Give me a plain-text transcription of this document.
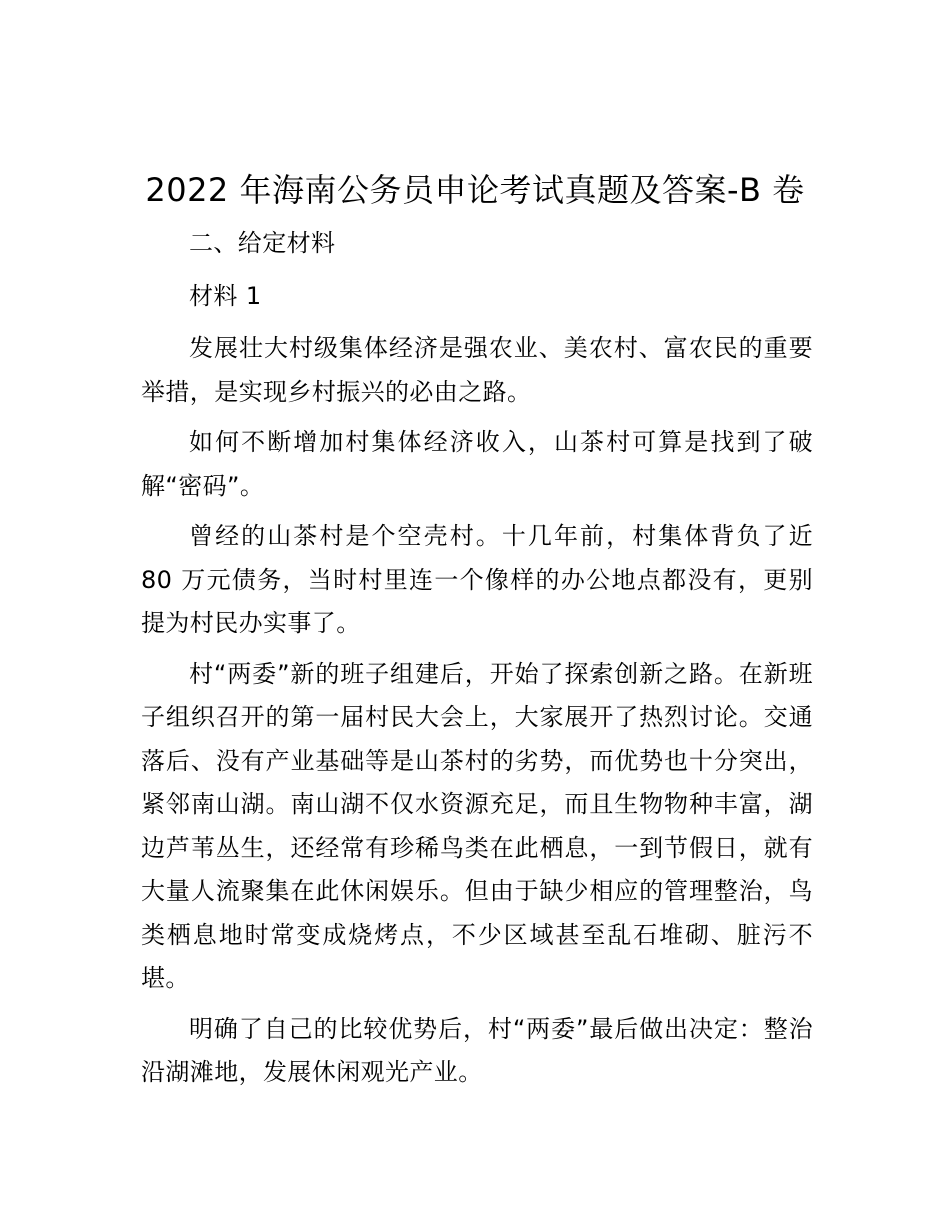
2022 年海南公务员申论考试真题及答案-B 卷

二、给定材料

材料 1

发展壮大村级集体经济是强农业、美农村、富农民的重要举措，是实现乡村振兴的必由之路。

如何不断增加村集体经济收入，山茶村可算是找到了破解“密码”。

曾经的山茶村是个空壳村。十几年前，村集体背负了近 80 万元债务，当时村里连一个像样的办公地点都没有，更别提为村民办实事了。

村“两委”新的班子组建后，开始了探索创新之路。在新班子组织召开的第一届村民大会上，大家展开了热烈讨论。交通落后、没有产业基础等是山茶村的劣势，而优势也十分突出，紧邻南山湖。南山湖不仅水资源充足，而且生物物种丰富，湖边芦苇丛生，还经常有珍稀鸟类在此栖息，一到节假日，就有大量人流聚集在此休闲娱乐。但由于缺少相应的管理整治，鸟类栖息地时常变成烧烤点，不少区域甚至乱石堆砌、脏污不堪。

明确了自己的比较优势后，村“两委”最后做出决定：整治沿湖滩地，发展休闲观光产业。
